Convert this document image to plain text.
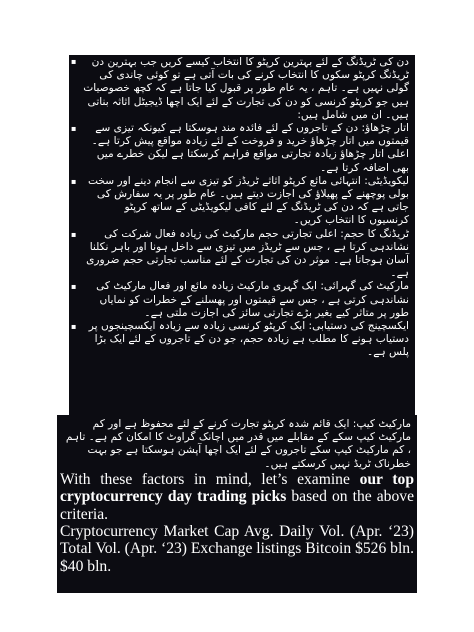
▪ دن کی ٹریڈنگ کے لئے بہترین کرپٹو کا انتخاب کیسے کریں جب بہترین دن ٹریڈنگ کرپٹو سکوں کا انتخاب کرنے کی بات آتی ہے تو کوئی چاندی کی گولی نہیں ہے۔ تاہم ، یہ عام طور پر قبول کیا جاتا ہے کہ کچھ خصوصیات ہیں جو کرپٹو کرنسی کو دن کی تجارت کے لئے ایک اچھا ڈیجیٹل اثاثہ بناتی ہیں۔ ان میں شامل ہیں:

▪ اتار چڑھاؤ: دن کے تاجروں کے لئے فائدہ مند ہوسکتا ہے کیونکہ تیزی سے قیمتوں میں اتار چڑھاؤ خرید و فروخت کے لئے زیادہ مواقع پیش کرتا ہے۔ اعلی اتار چڑھاؤ زیادہ تجارتی مواقع فراہم کرسکتا ہے لیکن خطرے میں بھی اضافہ کرتا ہے۔

▪ لیکویڈیٹی: انتہائی مائع کرپٹو اثاثے ٹریڈز کو تیزی سے انجام دینے اور سخت بولی پوچھنے کے پھیلاؤ کی اجازت دیتے ہیں۔ عام طور پر یہ سفارش کی جاتی ہے کہ دن کی ٹریڈنگ کے لئے کافی لیکویڈیٹی کے ساتھ کرپٹو کرنسیوں کا انتخاب کریں۔

▪	ٹریڈنگ کا حجم: اعلی تجارتی حجم مارکیٹ کی زیادہ فعال شرکت کی نشاندہی کرتا ہے ، جس سے ٹریڈز میں تیزی سے داخل ہونا اور باہر نکلنا آسان ہوجاتا ہے۔ موثر دن کی تجارت کے لئے مناسب تجارتی حجم ضروری ہے۔

▪ مارکیٹ کی گہرائی: ایک گہری مارکیٹ زیادہ مائع اور فعال مارکیٹ کی نشاندہی کرتی ہے ، جس سے قیمتوں اور پھسلنے کے خطرات کو نمایاں طور پر متاثر کیے بغیر بڑے تجارتی سائز کی اجازت ملتی ہے۔

▪ ایکسچینج کی دستیابی: ایک کرپٹو کرنسی زیادہ سے زیادہ ایکسچینجوں پر دستیاب ہونے کا مطلب ہے زیادہ حجم، جو دن کے تاجروں کے لئے ایک بڑا پلس ہے۔

مارکیٹ کیپ: ایک قائم شدہ کرپٹو تجارت کرنے کے لئے محفوظ ہے اور کم مارکیٹ کیپ سکے کے مقابلے میں قدر میں اچانک گراوٹ کا امکان کم ہے۔ تاہم ، کم مارکیٹ کیپ سکے تاجروں کے لئے ایک اچھا آپشن ہوسکتا ہے جو بہت خطرناک ٹریڈ نہیں کرسکتے ہیں۔

With these factors in mind, let’s examine our top cryptocurrency day trading picks based on the above criteria.

Cryptocurrency Market Cap Avg. Daily Vol. (Apr. ‘23) Total Vol. (Apr. ‘23) Exchange listings Bitcoin $526 bln. $40 bln.
